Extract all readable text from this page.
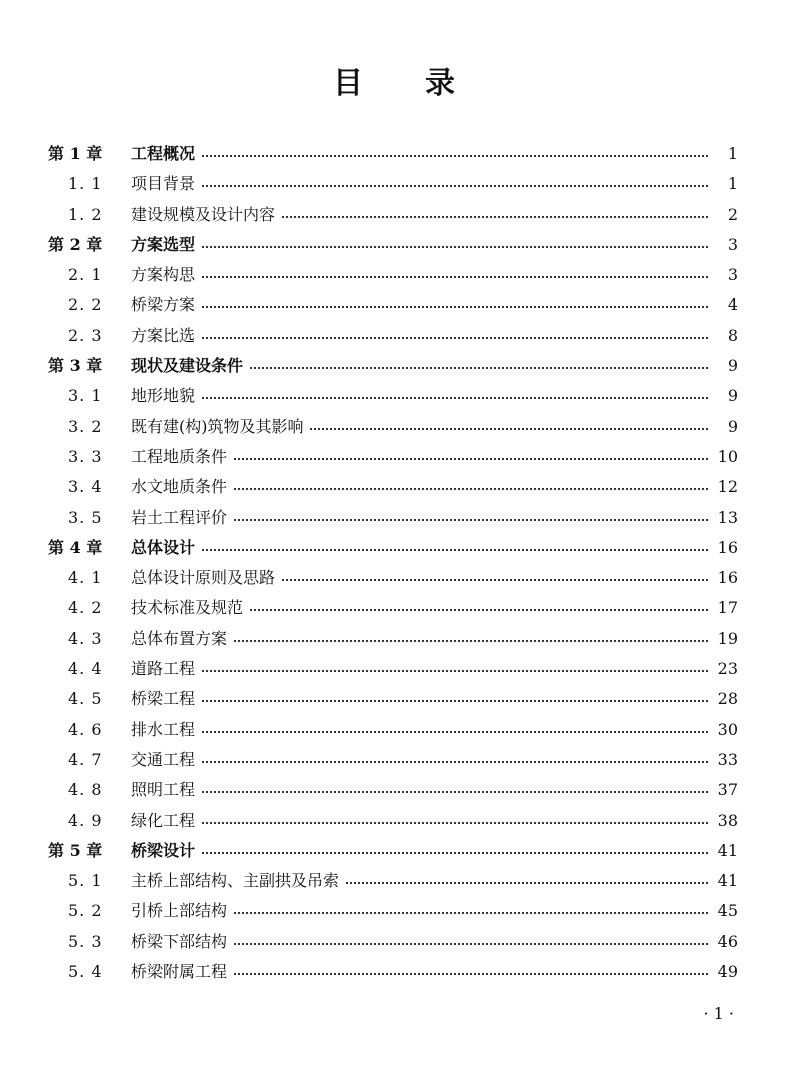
目 录
第 1 章	工程概况	1
1. 1	项目背景	1
1. 2	建设规模及设计内容	2
第 2 章	方案选型	3
2. 1	方案构思	3
2. 2	桥梁方案	4
2. 3	方案比选	8
第 3 章	现状及建设条件	9
3. 1	地形地貌	9
3. 2	既有建(构)筑物及其影响	9
3. 3	工程地质条件	10
3. 4	水文地质条件	12
3. 5	岩土工程评价	13
第 4 章	总体设计	16
4. 1	总体设计原则及思路	16
4. 2	技术标准及规范	17
4. 3	总体布置方案	19
4. 4	道路工程	23
4. 5	桥梁工程	28
4. 6	排水工程	30
4. 7	交通工程	33
4. 8	照明工程	37
4. 9	绿化工程	38
第 5 章	桥梁设计	41
5. 1	主桥上部结构、主副拱及吊索	41
5. 2	引桥上部结构	45
5. 3	桥梁下部结构	46
5. 4	桥梁附属工程	49
· 1 ·
